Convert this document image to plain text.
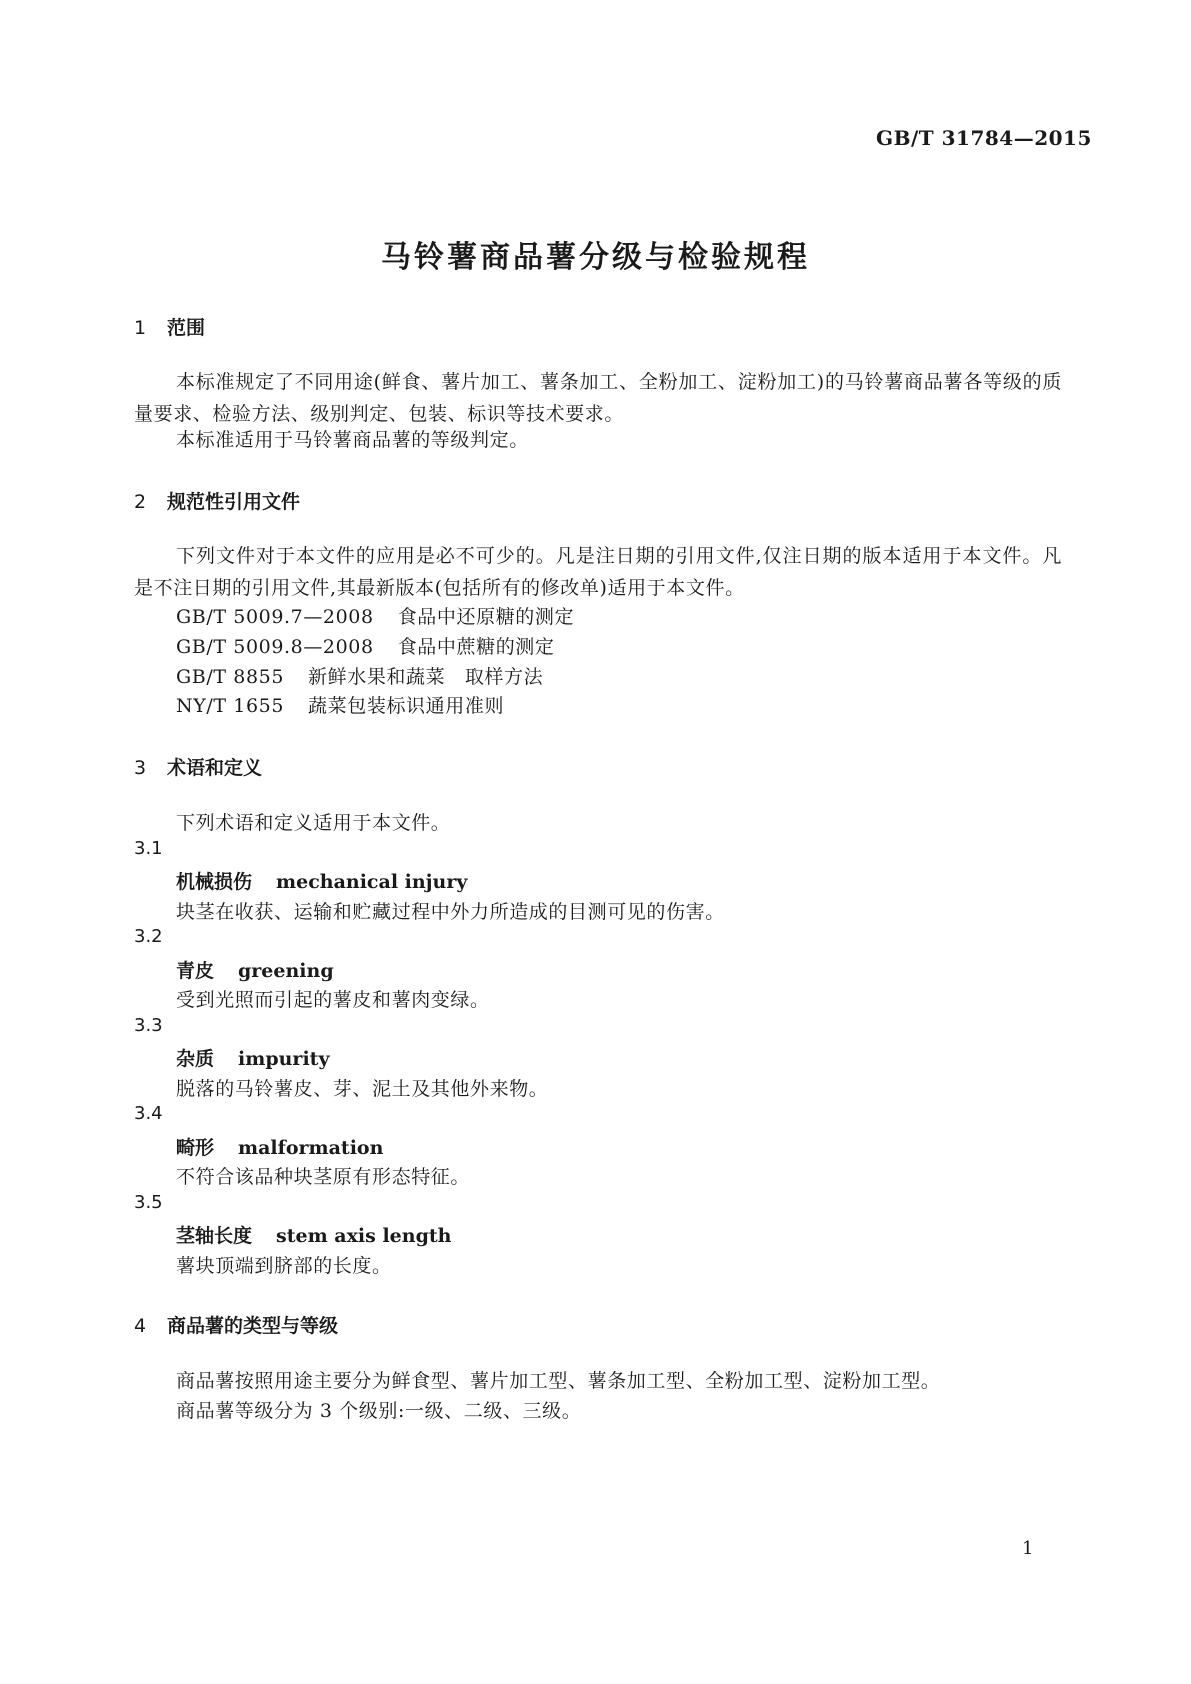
GB/T 31784—2015
马铃薯商品薯分级与检验规程
1 范围
本标准规定了不同用途(鲜食、薯片加工、薯条加工、全粉加工、淀粉加工)的马铃薯商品薯各等级的质量要求、检验方法、级别判定、包装、标识等技术要求。
本标准适用于马铃薯商品薯的等级判定。
2 规范性引用文件
下列文件对于本文件的应用是必不可少的。凡是注日期的引用文件,仅注日期的版本适用于本文件。凡是不注日期的引用文件,其最新版本(包括所有的修改单)适用于本文件。
GB/T 5009.7—2008 食品中还原糖的测定
GB/T 5009.8—2008 食品中蔗糖的测定
GB/T 8855 新鲜水果和蔬菜　取样方法
NY/T 1655 蔬菜包装标识通用准则
3 术语和定义
下列术语和定义适用于本文件。
3.1
机械损伤 mechanical injury
块茎在收获、运输和贮藏过程中外力所造成的目测可见的伤害。
3.2
青皮 greening
受到光照而引起的薯皮和薯肉变绿。
3.3
杂质 impurity
脱落的马铃薯皮、芽、泥土及其他外来物。
3.4
畸形 malformation
不符合该品种块茎原有形态特征。
3.5
茎轴长度 stem axis length
薯块顶端到脐部的长度。
4 商品薯的类型与等级
商品薯按照用途主要分为鲜食型、薯片加工型、薯条加工型、全粉加工型、淀粉加工型。
商品薯等级分为 3 个级别:一级、二级、三级。
1
